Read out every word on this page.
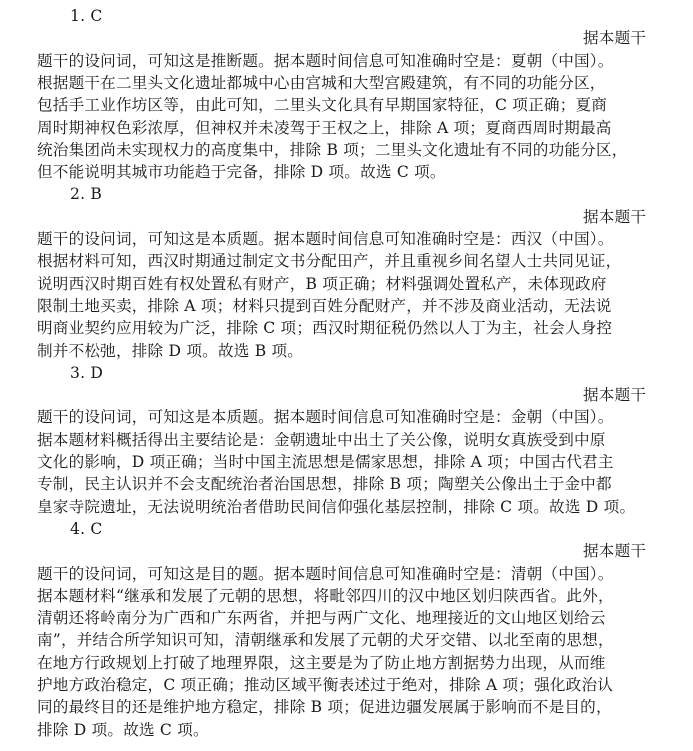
1. C
据本题干
题干的设问词，可知这是推断题。据本题时间信息可知准确时空是：夏朝（中国）。
根据题干在二里头文化遗址都城中心由宫城和大型宫殿建筑，有不同的功能分区，
包括手工业作坊区等，由此可知，二里头文化具有早期国家特征，C 项正确；夏商
周时期神权色彩浓厚，但神权并未凌驾于王权之上，排除 A 项；夏商西周时期最高
统治集团尚未实现权力的高度集中，排除 B 项；二里头文化遗址有不同的功能分区，
但不能说明其城市功能趋于完备，排除 D 项。故选 C 项。
2. B
据本题干
题干的设问词，可知这是本质题。据本题时间信息可知准确时空是：西汉（中国）。
根据材料可知，西汉时期通过制定文书分配田产，并且重视乡间名望人士共同见证，
说明西汉时期百姓有权处置私有财产，B 项正确；材料强调处置私产，未体现政府
限制土地买卖，排除 A 项；材料只提到百姓分配财产，并不涉及商业活动，无法说
明商业契约应用较为广泛，排除 C 项；西汉时期征税仍然以人丁为主，社会人身控
制并不松弛，排除 D 项。故选 B 项。
3. D
据本题干
题干的设问词，可知这是本质题。据本题时间信息可知准确时空是：金朝（中国）。
据本题材料概括得出主要结论是：金朝遗址中出土了关公像，说明女真族受到中原
文化的影响，D 项正确；当时中国主流思想是儒家思想，排除 A 项；中国古代君主
专制，民主认识并不会支配统治者治国思想，排除 B 项；陶塑关公像出土于金中都
皇家寺院遗址，无法说明统治者借助民间信仰强化基层控制，排除 C 项。故选 D 项。
4. C
据本题干
题干的设问词，可知这是目的题。据本题时间信息可知准确时空是：清朝（中国）。
据本题材料“继承和发展了元朝的思想，将毗邻四川的汉中地区划归陕西省。此外，
清朝还将岭南分为广西和广东两省，并把与两广文化、地理接近的文山地区划给云
南”，并结合所学知识可知，清朝继承和发展了元朝的犬牙交错、以北至南的思想，
在地方行政规划上打破了地理界限，这主要是为了防止地方割据势力出现，从而维
护地方政治稳定，C 项正确；推动区域平衡表述过于绝对，排除 A 项；强化政治认
同的最终目的还是维护地方稳定，排除 B 项；促进边疆发展属于影响而不是目的，
排除 D 项。故选 C 项。
